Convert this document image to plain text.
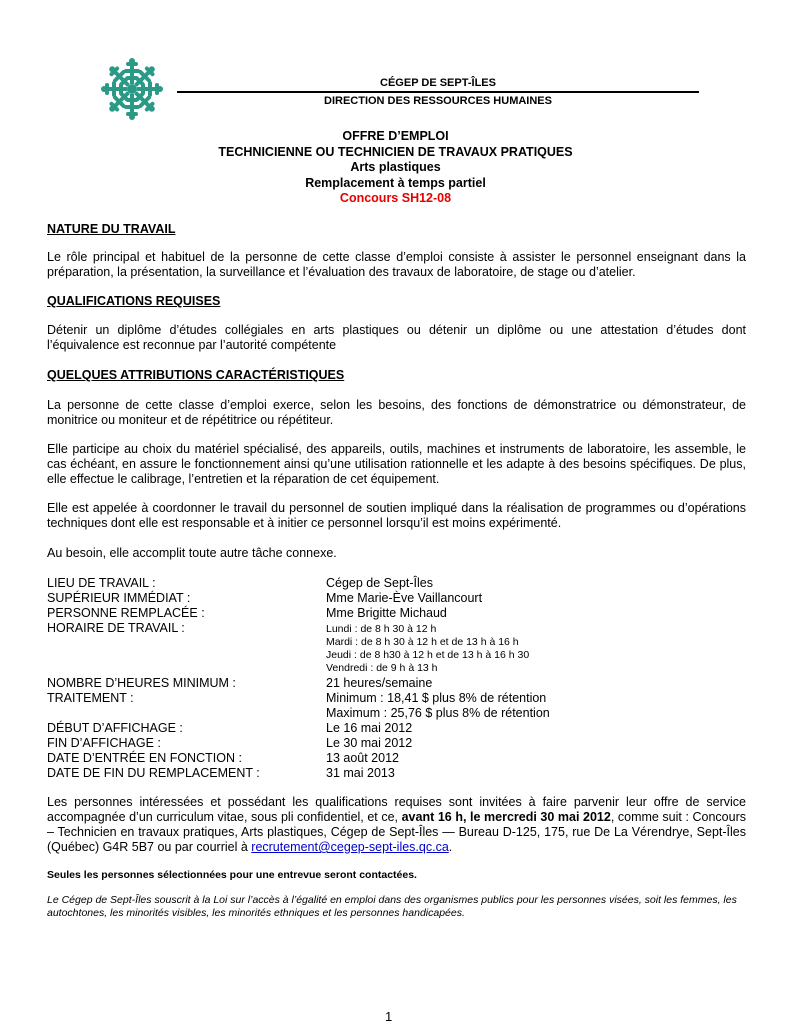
CÉGEP DE SEPT-ÎLES
DIRECTION DES RESSOURCES HUMAINES
OFFRE D’EMPLOI
TECHNICIENNE OU TECHNICIEN DE TRAVAUX PRATIQUES
Arts plastiques
Remplacement à temps partiel
Concours SH12-08
NATURE DU TRAVAIL
Le rôle principal et habituel de la personne de cette classe d’emploi consiste à assister le personnel enseignant dans la préparation, la présentation, la surveillance et l’évaluation des travaux de laboratoire, de stage ou d’atelier.
QUALIFICATIONS REQUISES
Détenir un diplôme d’études collégiales en arts plastiques ou détenir un diplôme ou une attestation d’études dont l’équivalence est reconnue par l’autorité compétente
QUELQUES ATTRIBUTIONS CARACTÉRISTIQUES
La personne de cette classe d’emploi exerce, selon les besoins, des fonctions de démonstratrice ou démonstrateur, de monitrice ou moniteur et de répétitrice ou répétiteur.
Elle participe au choix du matériel spécialisé, des appareils, outils, machines et instruments de laboratoire, les assemble, le cas échéant, en assure le fonctionnement ainsi qu’une utilisation rationnelle et les adapte à des besoins spécifiques. De plus, elle effectue le calibrage, l’entretien et la réparation de cet équipement.
Elle est appelée à coordonner le travail du personnel de soutien impliqué dans la réalisation de programmes ou d’opérations techniques dont elle est responsable et à initier ce personnel lorsqu’il est moins expérimenté.
Au besoin, elle accomplit toute autre tâche connexe.
LIEU DE TRAVAIL :	Cégep de Sept-Îles
SUPÉRIEUR IMMÉDIAT :	Mme Marie-Ève Vaillancourt
PERSONNE REMPLACÉE :	Mme Brigitte Michaud
HORAIRE DE TRAVAIL :	Lundi : de 8 h 30 à 12 h
Mardi : de 8 h 30 à 12 h et de 13 h à 16 h
Jeudi : de 8 h30 à 12 h et de 13 h à 16 h 30
Vendredi : de 9 h à 13 h
NOMBRE D’HEURES MINIMUM :	21 heures/semaine
TRAITEMENT :	Minimum : 18,41 $ plus 8% de rétention
Maximum : 25,76 $ plus 8% de rétention
DÉBUT D’AFFICHAGE :	Le 16 mai 2012
FIN D’AFFICHAGE :	Le 30 mai 2012
DATE D’ENTRÉE EN FONCTION :	13 août 2012
DATE DE FIN DU REMPLACEMENT :	31 mai 2013
Les personnes intéressées et possédant les qualifications requises sont invitées à faire parvenir leur offre de service accompagnée d’un curriculum vitae, sous pli confidentiel, et ce, avant 16 h, le mercredi 30 mai 2012, comme suit : Concours – Technicien en travaux pratiques, Arts plastiques, Cégep de Sept-Îles — Bureau D-125, 175, rue De La Vérendrye, Sept-Îles (Québec) G4R 5B7 ou par courriel à recrutement@cegep-sept-iles.qc.ca.
Seules les personnes sélectionnées pour une entrevue seront contactées.
Le Cégep de Sept-Îles souscrit à la Loi sur l’accès à l’égalité en emploi dans des organismes publics pour les personnes visées, soit les femmes, les autochtones, les minorités visibles, les minorités ethniques et les personnes handicapées.
1
